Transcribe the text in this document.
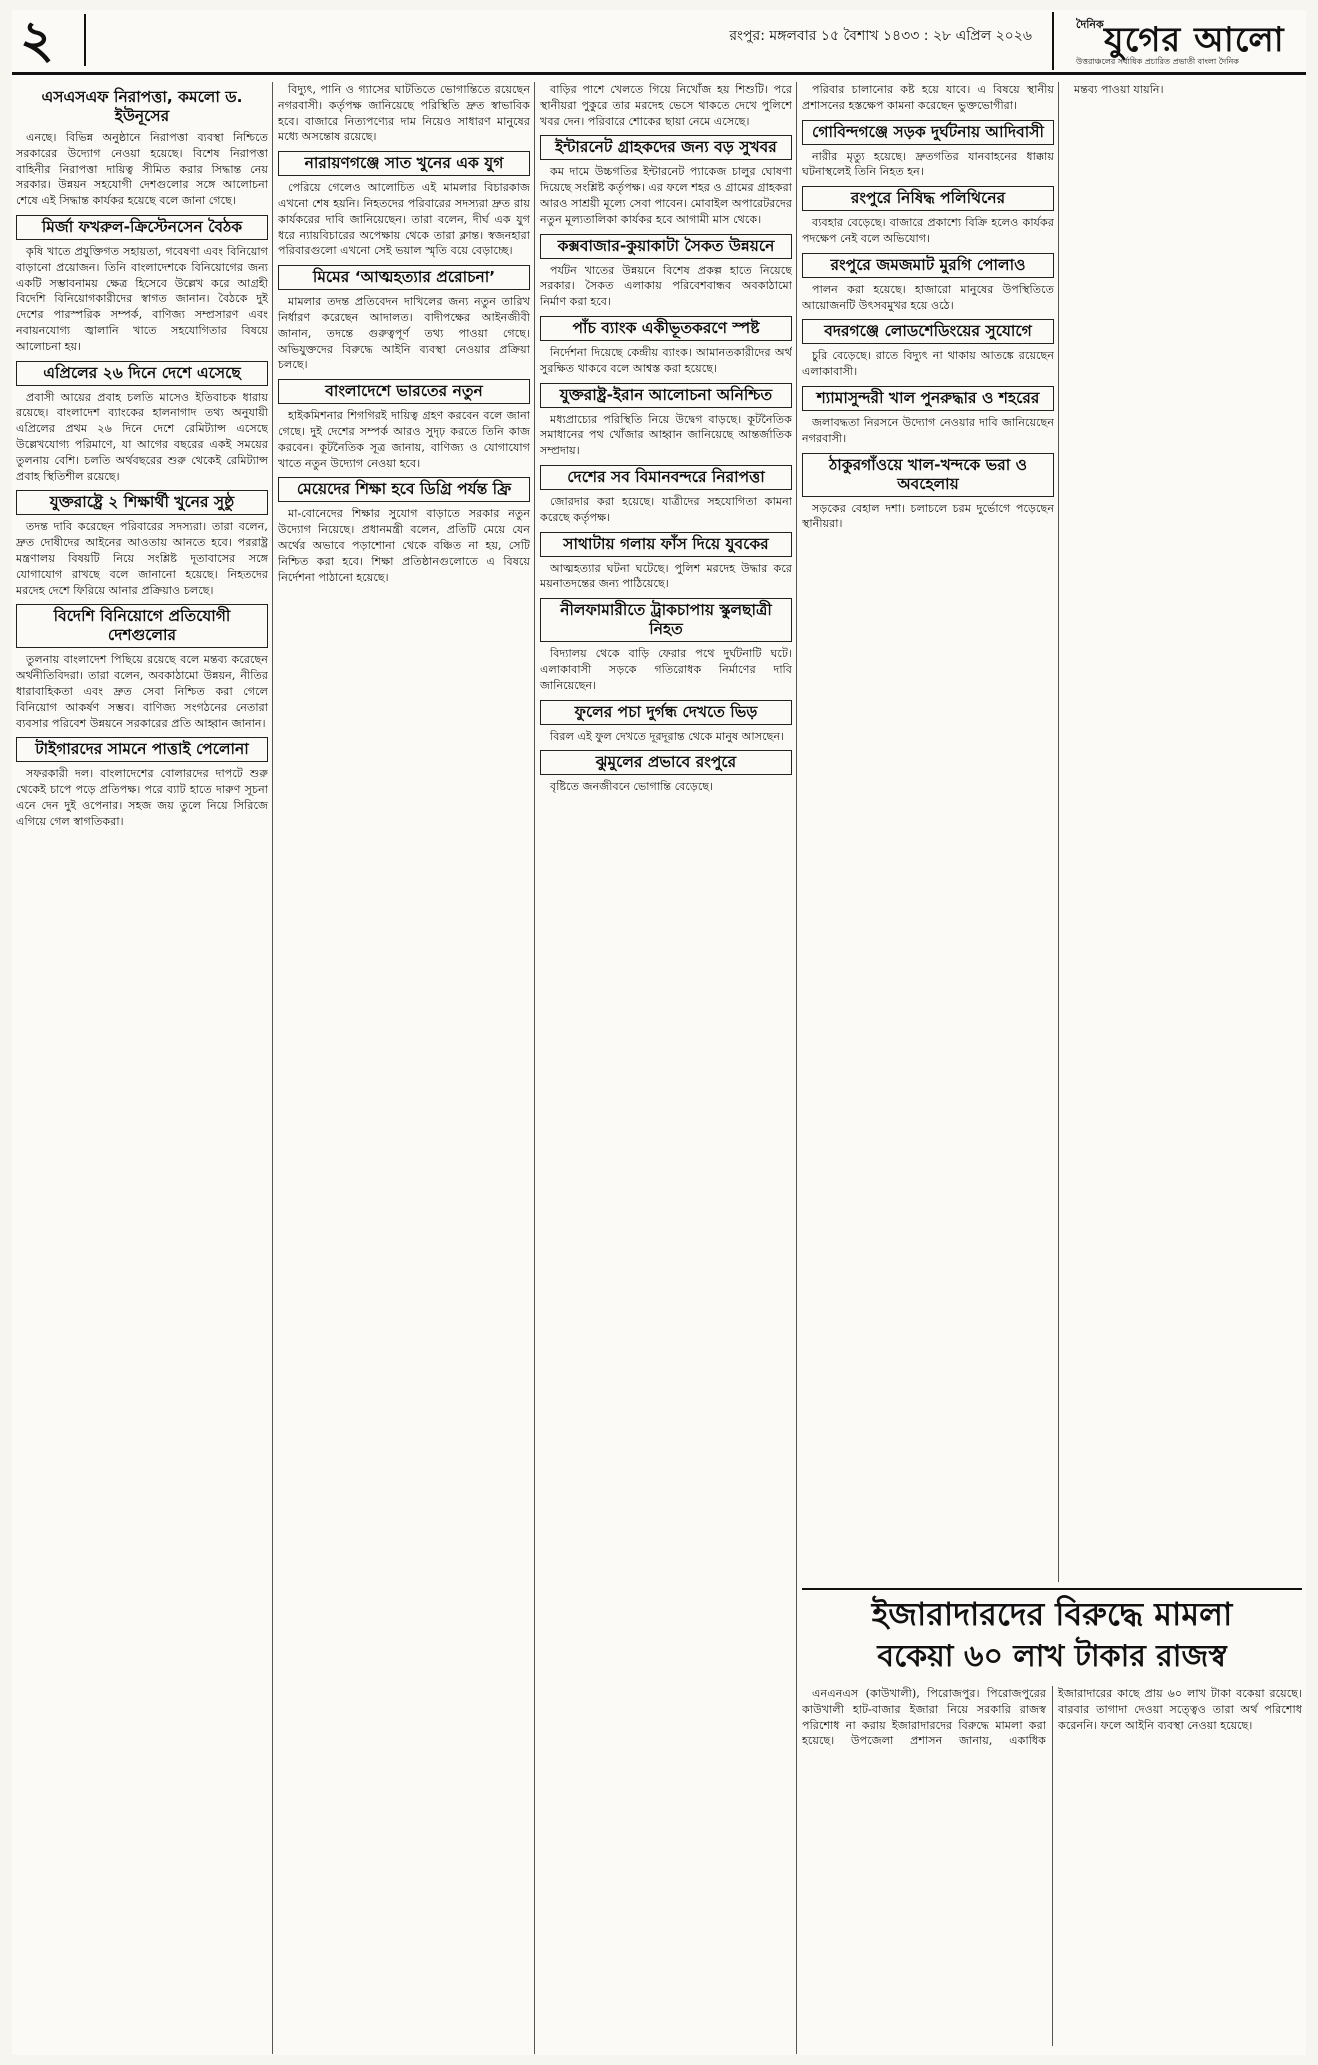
২	রংপুর: মঙ্গলবার ১৫ বৈশাখ ১৪৩৩ : ২৮ এপ্রিল ২০২৬
দৈনিক যুগের আলো
উত্তরাঞ্চলের সর্বাধিক প্রচারিত প্রভাতী বাংলা দৈনিক
এসএসএফ নিরাপত্তা, কমলো ড. ইউনূসের

এনছে। বিভিন্ন অনুষ্ঠানে নিরাপত্তা ব্যবস্থা নিশ্চিতে সরকারের উদ্যোগ নেওয়া হয়েছে। বিশেষ নিরাপত্তা বাহিনীর নিরাপত্তা দায়িত্ব সীমিত করার সিদ্ধান্ত নেয় সরকার। উন্নয়ন সহযোগী দেশগুলোর সঙ্গে আলোচনা শেষে এই সিদ্ধান্ত কার্যকর হয়েছে বলে জানা গেছে।

মির্জা ফখরুল-ক্রিস্টেনসেন বৈঠক

কৃষি খাতে প্রযুক্তিগত সহায়তা, গবেষণা এবং বিনিয়োগ বাড়ানো প্রয়োজন। তিনি বাংলাদেশকে বিনিয়োগের জন্য একটি সম্ভাবনাময় ক্ষেত্র হিসেবে উল্লেখ করে আগ্রহী বিদেশি বিনিয়োগকারীদের স্বাগত জানান। বৈঠকে দুই দেশের পারস্পরিক সম্পর্ক, বাণিজ্য সম্প্রসারণ এবং নবায়নযোগ্য জ্বালানি খাতে সহযোগিতার বিষয়ে আলোচনা হয়।

এপ্রিলের ২৬ দিনে দেশে এসেছে

প্রবাসী আয়ের প্রবাহ চলতি মাসেও ইতিবাচক ধারায় রয়েছে। বাংলাদেশ ব্যাংকের হালনাগাদ তথ্য অনুযায়ী এপ্রিলের প্রথম ২৬ দিনে দেশে রেমিট্যান্স এসেছে উল্লেখযোগ্য পরিমাণে, যা আগের বছরের একই সময়ের তুলনায় বেশি। চলতি অর্থবছরের শুরু থেকেই রেমিট্যান্স প্রবাহ স্থিতিশীল রয়েছে।

যুক্তরাষ্ট্রে ২ শিক্ষার্থী খুনের সুষ্ঠু

তদন্ত দাবি করেছেন পরিবারের সদস্যরা। তারা বলেন, দ্রুত দোষীদের আইনের আওতায় আনতে হবে। পররাষ্ট্র মন্ত্রণালয় বিষয়টি নিয়ে সংশ্লিষ্ট দূতাবাসের সঙ্গে যোগাযোগ রাখছে বলে জানানো হয়েছে। নিহতদের মরদেহ দেশে ফিরিয়ে আনার প্রক্রিয়াও চলছে।

বিদেশি বিনিয়োগে প্রতিযোগী দেশগুলোর

তুলনায় বাংলাদেশ পিছিয়ে রয়েছে বলে মন্তব্য করেছেন অর্থনীতিবিদরা। তারা বলেন, অবকাঠামো উন্নয়ন, নীতির ধারাবাহিকতা এবং দ্রুত সেবা নিশ্চিত করা গেলে বিনিয়োগ আকর্ষণ সম্ভব। বাণিজ্য সংগঠনের নেতারা ব্যবসার পরিবেশ উন্নয়নে সরকারের প্রতি আহ্বান জানান।

টাইগারদের সামনে পাত্তাই পেলোনা

সফরকারী দল। বাংলাদেশের বোলারদের দাপটে শুরু থেকেই চাপে পড়ে প্রতিপক্ষ। পরে ব্যাট হাতে দারুণ সূচনা এনে দেন দুই ওপেনার। সহজ জয় তুলে নিয়ে সিরিজে এগিয়ে গেল স্বাগতিকরা।

বিদ্যুৎ, পানি ও গ্যাসের ঘাটতিতে ভোগান্তিতে রয়েছেন নগরবাসী। কর্তৃপক্ষ জানিয়েছে পরিস্থিতি দ্রুত স্বাভাবিক হবে। বাজারে নিত্যপণ্যের দাম নিয়েও সাধারণ মানুষের মধ্যে অসন্তোষ রয়েছে।

নারায়ণগঞ্জে সাত খুনের এক যুগ

পেরিয়ে গেলেও আলোচিত এই মামলার বিচারকাজ এখনো শেষ হয়নি। নিহতদের পরিবারের সদস্যরা দ্রুত রায় কার্যকরের দাবি জানিয়েছেন। তারা বলেন, দীর্ঘ এক যুগ ধরে ন্যায়বিচারের অপেক্ষায় থেকে তারা ক্লান্ত। স্বজনহারা পরিবারগুলো এখনো সেই ভয়াল স্মৃতি বয়ে বেড়াচ্ছে।

মিমের ‘আত্মহত্যার প্ররোচনা’

মামলার তদন্ত প্রতিবেদন দাখিলের জন্য নতুন তারিখ নির্ধারণ করেছেন আদালত। বাদীপক্ষের আইনজীবী জানান, তদন্তে গুরুত্বপূর্ণ তথ্য পাওয়া গেছে। অভিযুক্তদের বিরুদ্ধে আইনি ব্যবস্থা নেওয়ার প্রক্রিয়া চলছে।

বাংলাদেশে ভারতের নতুন

হাইকমিশনার শিগগিরই দায়িত্ব গ্রহণ করবেন বলে জানা গেছে। দুই দেশের সম্পর্ক আরও সুদৃঢ় করতে তিনি কাজ করবেন। কূটনৈতিক সূত্র জানায়, বাণিজ্য ও যোগাযোগ খাতে নতুন উদ্যোগ নেওয়া হবে।

মেয়েদের শিক্ষা হবে ডিগ্রি পর্যন্ত ফ্রি

মা-বোনেদের শিক্ষার সুযোগ বাড়াতে সরকার নতুন উদ্যোগ নিয়েছে। প্রধানমন্ত্রী বলেন, প্রতিটি মেয়ে যেন অর্থের অভাবে পড়াশোনা থেকে বঞ্চিত না হয়, সেটি নিশ্চিত করা হবে। শিক্ষা প্রতিষ্ঠানগুলোতে এ বিষয়ে নির্দেশনা পাঠানো হয়েছে।

বাড়ির পাশে খেলতে গিয়ে নিখোঁজ হয় শিশুটি। পরে স্থানীয়রা পুকুরে তার মরদেহ ভেসে থাকতে দেখে পুলিশে খবর দেন। পরিবারে শোকের ছায়া নেমে এসেছে।

ইন্টারনেট গ্রাহকদের জন্য বড় সুখবর

কম দামে উচ্চগতির ইন্টারনেট প্যাকেজ চালুর ঘোষণা দিয়েছে সংশ্লিষ্ট কর্তৃপক্ষ। এর ফলে শহর ও গ্রামের গ্রাহকরা আরও সাশ্রয়ী মূল্যে সেবা পাবেন। মোবাইল অপারেটরদের নতুন মূল্যতালিকা কার্যকর হবে আগামী মাস থেকে।

কক্সবাজার-কুয়াকাটা সৈকত উন্নয়নে

পর্যটন খাতের উন্নয়নে বিশেষ প্রকল্প হাতে নিয়েছে সরকার। সৈকত এলাকায় পরিবেশবান্ধব অবকাঠামো নির্মাণ করা হবে।

পাঁচ ব্যাংক একীভূতকরণে স্পষ্ট

নির্দেশনা দিয়েছে কেন্দ্রীয় ব্যাংক। আমানতকারীদের অর্থ সুরক্ষিত থাকবে বলে আশ্বস্ত করা হয়েছে।

যুক্তরাষ্ট্র-ইরান আলোচনা অনিশ্চিত

মধ্যপ্রাচ্যের পরিস্থিতি নিয়ে উদ্বেগ বাড়ছে। কূটনৈতিক সমাধানের পথ খোঁজার আহ্বান জানিয়েছে আন্তর্জাতিক সম্প্রদায়।

দেশের সব বিমানবন্দরে নিরাপত্তা

জোরদার করা হয়েছে। যাত্রীদের সহযোগিতা কামনা করেছে কর্তৃপক্ষ।

সাথাটায় গলায় ফাঁস দিয়ে যুবকের

আত্মহত্যার ঘটনা ঘটেছে। পুলিশ মরদেহ উদ্ধার করে ময়নাতদন্তের জন্য পাঠিয়েছে।

নীলফামারীতে ট্রাকচাপায় স্কুলছাত্রী নিহত

বিদ্যালয় থেকে বাড়ি ফেরার পথে দুর্ঘটনাটি ঘটে। এলাকাবাসী সড়কে গতিরোধক নির্মাণের দাবি জানিয়েছেন।

ফুলের পচা দুর্গন্ধ দেখতে ভিড়

বিরল এই ফুল দেখতে দূরদূরান্ত থেকে মানুষ আসছেন।

ঝুমুলের প্রভাবে রংপুরে

বৃষ্টিতে জনজীবনে ভোগান্তি বেড়েছে।

পরিবার চালানোর কষ্ট হয়ে যাবে। এ বিষয়ে স্থানীয় প্রশাসনের হস্তক্ষেপ কামনা করেছেন ভুক্তভোগীরা।

গোবিন্দগঞ্জে সড়ক দুর্ঘটনায় আদিবাসী

নারীর মৃত্যু হয়েছে। দ্রুতগতির যানবাহনের ধাক্কায় ঘটনাস্থলেই তিনি নিহত হন।

রংপুরে নিষিদ্ধ পলিথিনের

ব্যবহার বেড়েছে। বাজারে প্রকাশ্যে বিক্রি হলেও কার্যকর পদক্ষেপ নেই বলে অভিযোগ।

রংপুরে জমজমাট মুরগি পোলাও

পালন করা হয়েছে। হাজারো মানুষের উপস্থিতিতে আয়োজনটি উৎসবমুখর হয়ে ওঠে।

বদরগঞ্জে লোডশেডিংয়ের সুযোগে

চুরি বেড়েছে। রাতে বিদ্যুৎ না থাকায় আতঙ্কে রয়েছেন এলাকাবাসী।

শ্যামাসুন্দরী খাল পুনরুদ্ধার ও শহরের

জলাবদ্ধতা নিরসনে উদ্যোগ নেওয়ার দাবি জানিয়েছেন নগরবাসী।

ঠাকুরগাঁওয়ে খাল-খন্দকে ভরা ও অবহেলায়

সড়কের বেহাল দশা। চলাচলে চরম দুর্ভোগে পড়েছেন স্থানীয়রা।

মন্তব্য পাওয়া যায়নি।

ইজারাদারদের বিরুদ্ধে মামলা
বকেয়া ৬০ লাখ টাকার রাজস্ব

এনএনএস (কাউখালী), পিরোজপুর। পিরোজপুরের কাউখালী হাট-বাজার ইজারা নিয়ে সরকারি রাজস্ব পরিশোধ না করায় ইজারাদারদের বিরুদ্ধে মামলা করা হয়েছে। উপজেলা প্রশাসন জানায়, একাধিক ইজারাদারের কাছে প্রায় ৬০ লাখ টাকা বকেয়া রয়েছে। বারবার তাগাদা দেওয়া সত্ত্বেও তারা অর্থ পরিশোধ করেননি। ফলে আইনি ব্যবস্থা নেওয়া হয়েছে।
